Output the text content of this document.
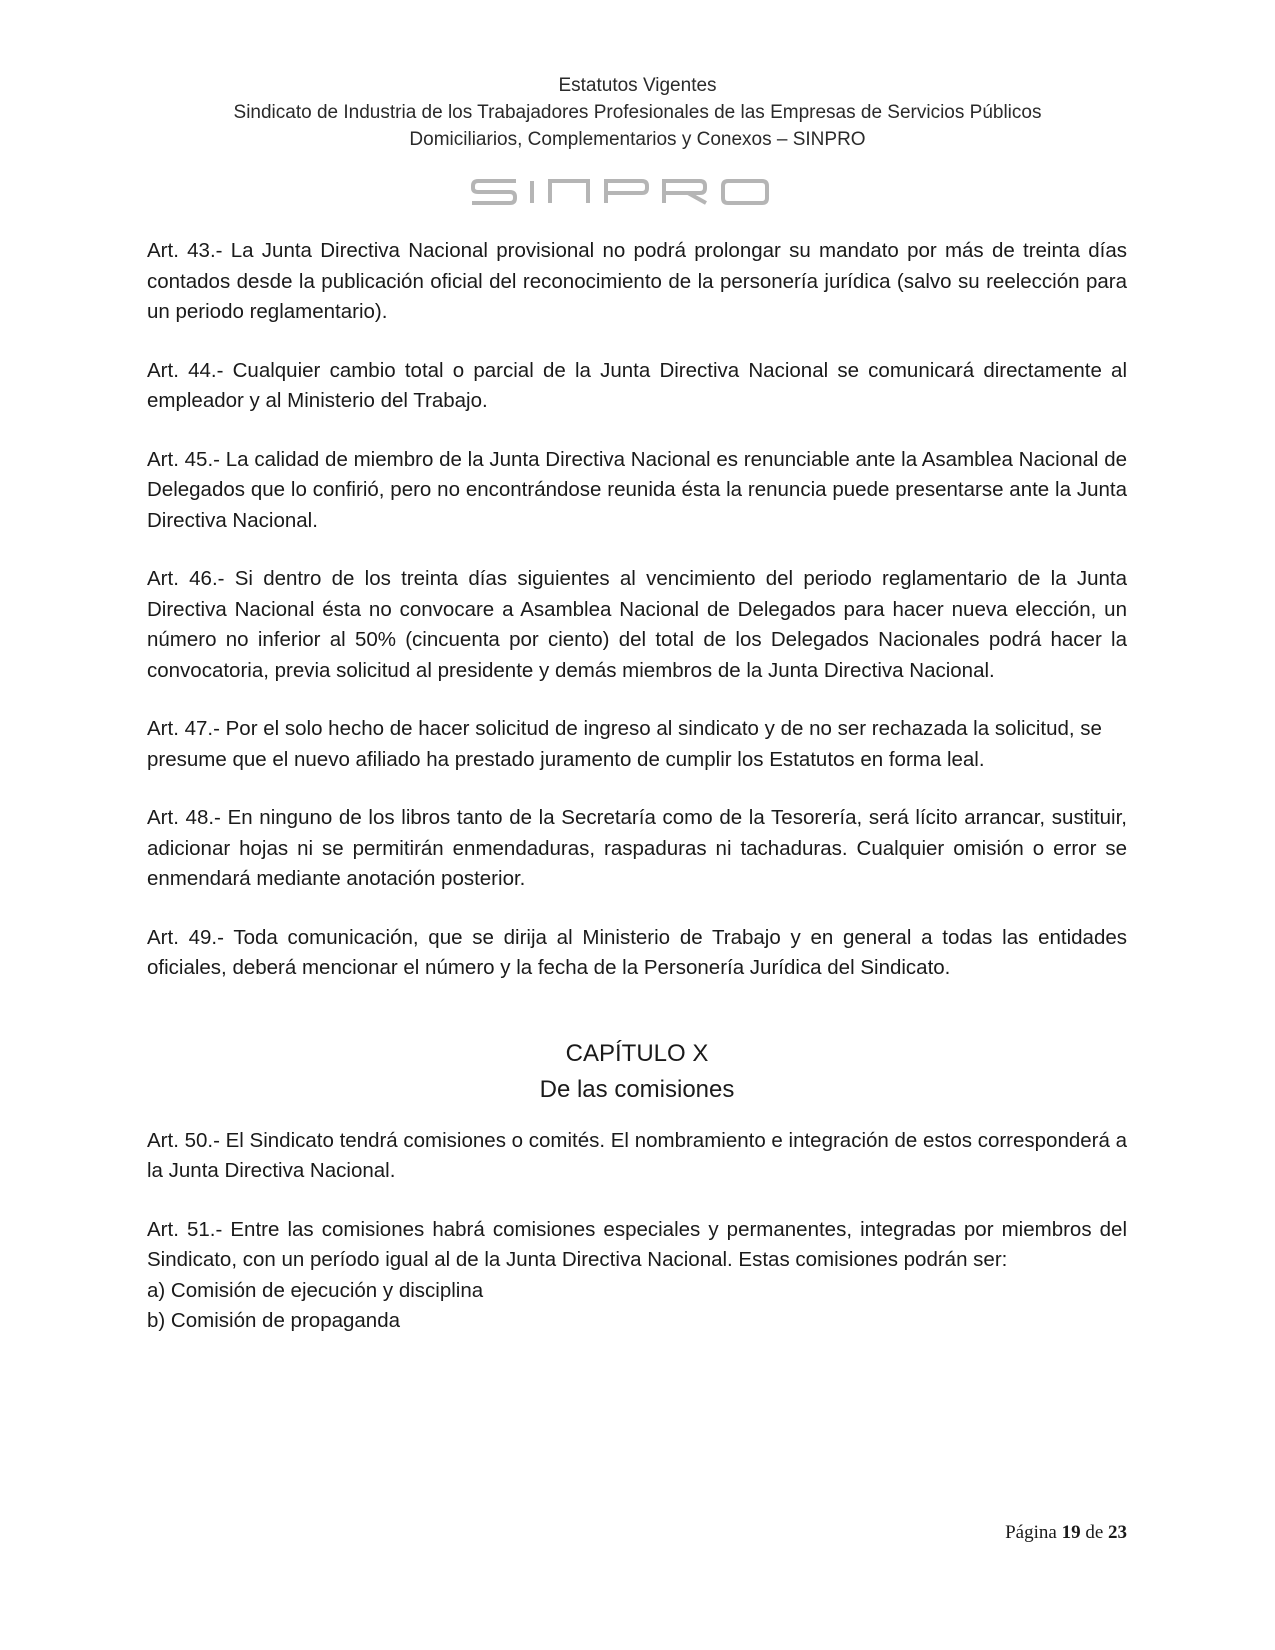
Estatutos Vigentes
Sindicato de Industria de los Trabajadores Profesionales de las Empresas de Servicios Públicos
Domiciliarios, Complementarios y Conexos – SINPRO

Art. 43.- La Junta Directiva Nacional provisional no podrá prolongar su mandato por más de treinta días contados desde la publicación oficial del reconocimiento de la personería jurídica (salvo su reelección para un periodo reglamentario).

Art. 44.- Cualquier cambio total o parcial de la Junta Directiva Nacional se comunicará directamente al empleador y al Ministerio del Trabajo.

Art. 45.- La calidad de miembro de la Junta Directiva Nacional es renunciable ante la Asamblea Nacional de Delegados que lo confirió, pero no encontrándose reunida ésta la renuncia puede presentarse ante la Junta Directiva Nacional.

Art. 46.- Si dentro de los treinta días siguientes al vencimiento del periodo reglamentario de la Junta Directiva Nacional ésta no convocare a Asamblea Nacional de Delegados para hacer nueva elección, un número no inferior al 50% (cincuenta por ciento) del total de los Delegados Nacionales podrá hacer la convocatoria, previa solicitud al presidente y demás miembros de la Junta Directiva Nacional.

Art. 47.- Por el solo hecho de hacer solicitud de ingreso al sindicato y de no ser rechazada la solicitud, se presume que el nuevo afiliado ha prestado juramento de cumplir los Estatutos en forma leal.

Art. 48.- En ninguno de los libros tanto de la Secretaría como de la Tesorería, será lícito arrancar, sustituir, adicionar hojas ni se permitirán enmendaduras, raspaduras ni tachaduras. Cualquier omisión o error se enmendará mediante anotación posterior.

Art. 49.- Toda comunicación, que se dirija al Ministerio de Trabajo y en general a todas las entidades oficiales, deberá mencionar el número y la fecha de la Personería Jurídica del Sindicato.

CAPÍTULO X
De las comisiones

Art. 50.- El Sindicato tendrá comisiones o comités. El nombramiento e integración de estos corresponderá a la Junta Directiva Nacional.

Art. 51.- Entre las comisiones habrá comisiones especiales y permanentes, integradas por miembros del Sindicato, con un período igual al de la Junta Directiva Nacional. Estas comisiones podrán ser:

a) Comisión de ejecución y disciplina

b) Comisión de propaganda

Página 19 de 23
